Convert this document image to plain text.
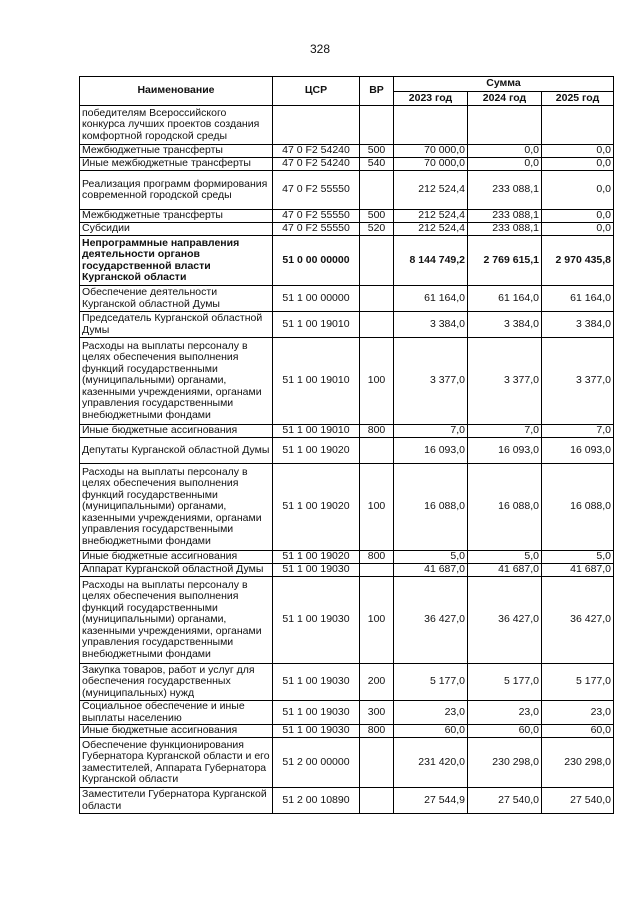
328
Наименование	ЦСР	ВР	Сумма		
			2023 год	2024 год	2025 год
победителям Всероссийского конкурса лучших проектов создания комфортной городской среды					
Межбюджетные трансферты	47 0 F2 54240	500	70 000,0	0,0	0,0
Иные межбюджетные трансферты	47 0 F2 54240	540	70 000,0	0,0	0,0
Реализация программ формирования современной городской среды	47 0 F2 55550		212 524,4	233 088,1	0,0
Межбюджетные трансферты	47 0 F2 55550	500	212 524,4	233 088,1	0,0
Субсидии	47 0 F2 55550	520	212 524,4	233 088,1	0,0
Непрограммные направления деятельности органов государственной власти Курганской области	51 0 00 00000		8 144 749,2	2 769 615,1	2 970 435,8
Обеспечение деятельности Курганской областной Думы	51 1 00 00000		61 164,0	61 164,0	61 164,0
Председатель Курганской областной Думы	51 1 00 19010		3 384,0	3 384,0	3 384,0
Расходы на выплаты персоналу в целях обеспечения выполнения функций государственными (муниципальными) органами, казенными учреждениями, органами управления государственными внебюджетными фондами	51 1 00 19010	100	3 377,0	3 377,0	3 377,0
Иные бюджетные ассигнования	51 1 00 19010	800	7,0	7,0	7,0
Депутаты Курганской областной Думы	51 1 00 19020		16 093,0	16 093,0	16 093,0
Расходы на выплаты персоналу в целях обеспечения выполнения функций государственными (муниципальными) органами, казенными учреждениями, органами управления государственными внебюджетными фондами	51 1 00 19020	100	16 088,0	16 088,0	16 088,0
Иные бюджетные ассигнования	51 1 00 19020	800	5,0	5,0	5,0
Аппарат Курганской областной Думы	51 1 00 19030		41 687,0	41 687,0	41 687,0
Расходы на выплаты персоналу в целях обеспечения выполнения функций государственными (муниципальными) органами, казенными учреждениями, органами управления государственными внебюджетными фондами	51 1 00 19030	100	36 427,0	36 427,0	36 427,0
Закупка товаров, работ и услуг для обеспечения государственных (муниципальных) нужд	51 1 00 19030	200	5 177,0	5 177,0	5 177,0
Социальное обеспечение и иные выплаты населению	51 1 00 19030	300	23,0	23,0	23,0
Иные бюджетные ассигнования	51 1 00 19030	800	60,0	60,0	60,0
Обеспечение функционирования Губернатора Курганской области и его заместителей, Аппарата Губернатора Курганской области	51 2 00 00000		231 420,0	230 298,0	230 298,0
Заместители Губернатора Курганской области	51 2 00 10890		27 544,9	27 540,0	27 540,0
